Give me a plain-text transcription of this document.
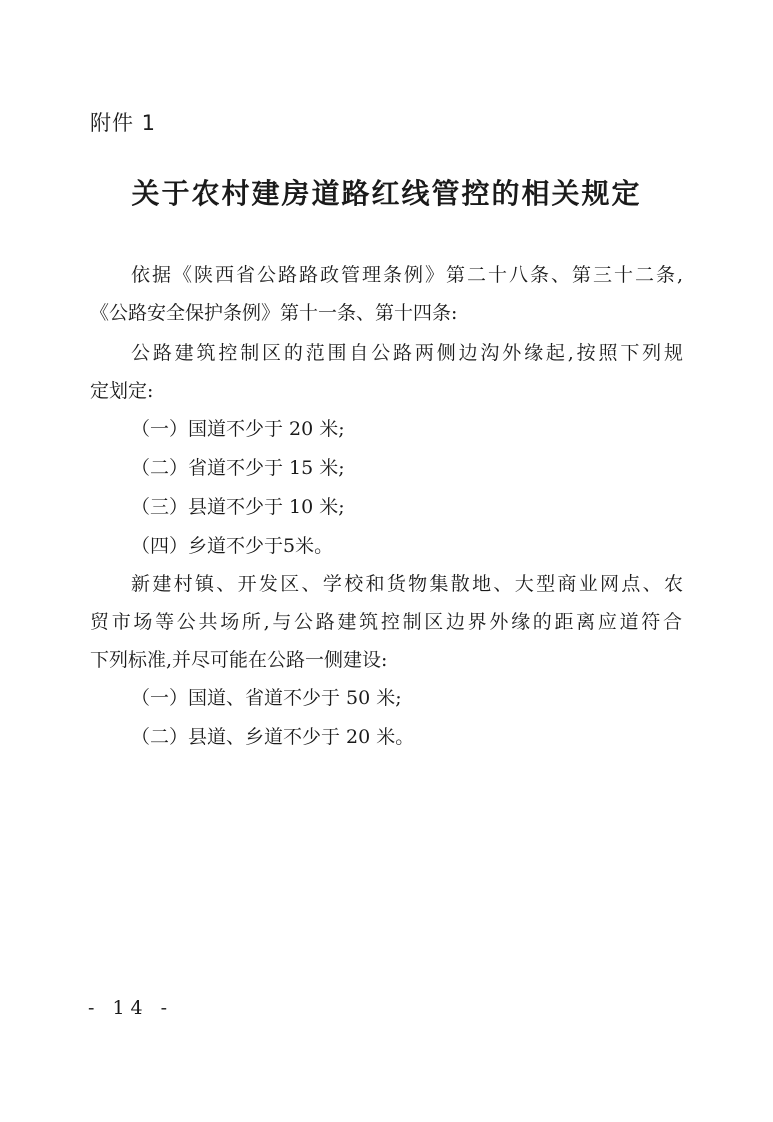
附件 1
关于农村建房道路红线管控的相关规定
依据《陕西省公路路政管理条例》第二十八条、第三十二条,
《公路安全保护条例》第十一条、第十四条:
公路建筑控制区的范围自公路两侧边沟外缘起,按照下列规
定划定:
（一）国道不少于 20 米;
（二）省道不少于 15 米;
（三）县道不少于 10 米;
（四）乡道不少于5米。
新建村镇、开发区、学校和货物集散地、大型商业网点、农
贸市场等公共场所,与公路建筑控制区边界外缘的距离应道符合
下列标准,并尽可能在公路一侧建设:
（一）国道、省道不少于 50 米;
（二）县道、乡道不少于 20 米。
- 14 -
